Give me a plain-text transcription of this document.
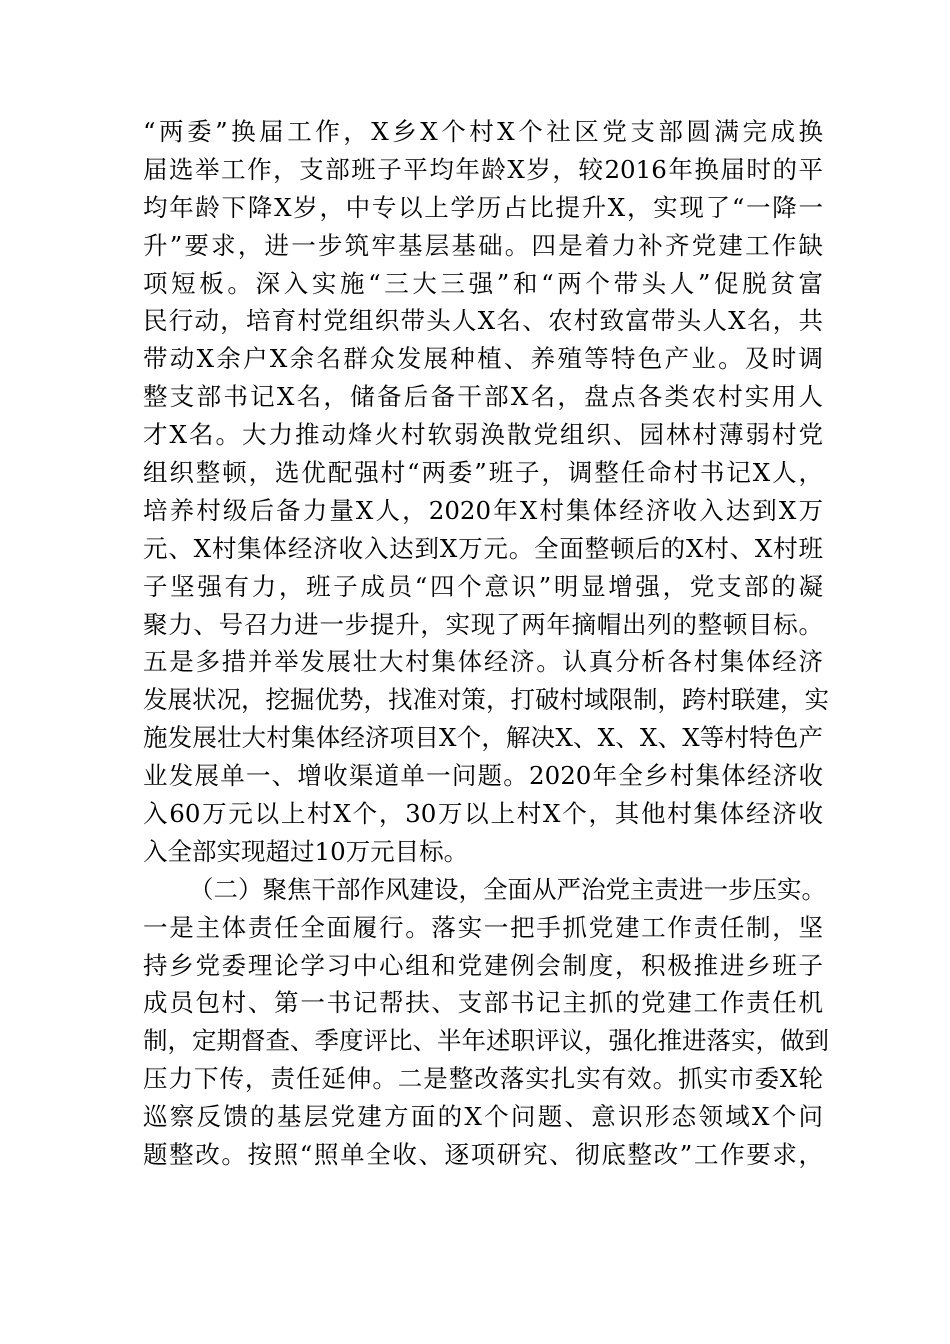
“两委”换届工作，X乡X个村X个社区党支部圆满完成换
届选举工作，支部班子平均年龄X岁，较2016年换届时的平
均年龄下降X岁，中专以上学历占比提升X，实现了“一降一
升”要求，进一步筑牢基层基础。四是着力补齐党建工作缺
项短板。深入实施“三大三强”和“两个带头人”促脱贫富
民行动，培育村党组织带头人X名、农村致富带头人X名，共
带动X余户X余名群众发展种植、养殖等特色产业。及时调
整支部书记X名，储备后备干部X名，盘点各类农村实用人
才X名。大力推动烽火村软弱涣散党组织、园林村薄弱村党
组织整顿，选优配强村“两委”班子，调整任命村书记X人，
培养村级后备力量X人，2020年X村集体经济收入达到X万
元、X村集体经济收入达到X万元。全面整顿后的X村、X村班
子坚强有力，班子成员“四个意识”明显增强，党支部的凝
聚力、号召力进一步提升，实现了两年摘帽出列的整顿目标。
五是多措并举发展壮大村集体经济。认真分析各村集体经济
发展状况，挖掘优势，找准对策，打破村域限制，跨村联建，实
施发展壮大村集体经济项目X个，解决X、X、X、X等村特色产
业发展单一、增收渠道单一问题。2020年全乡村集体经济收
入60万元以上村X个，30万以上村X个，其他村集体经济收
入全部实现超过10万元目标。
（二）聚焦干部作风建设，全面从严治党主责进一步压实。
一是主体责任全面履行。落实一把手抓党建工作责任制，坚
持乡党委理论学习中心组和党建例会制度，积极推进乡班子
成员包村、第一书记帮扶、支部书记主抓的党建工作责任机
制，定期督查、季度评比、半年述职评议，强化推进落实，做到
压力下传，责任延伸。二是整改落实扎实有效。抓实市委X轮
巡察反馈的基层党建方面的X个问题、意识形态领域X个问
题整改。按照“照单全收、逐项研究、彻底整改”工作要求，
